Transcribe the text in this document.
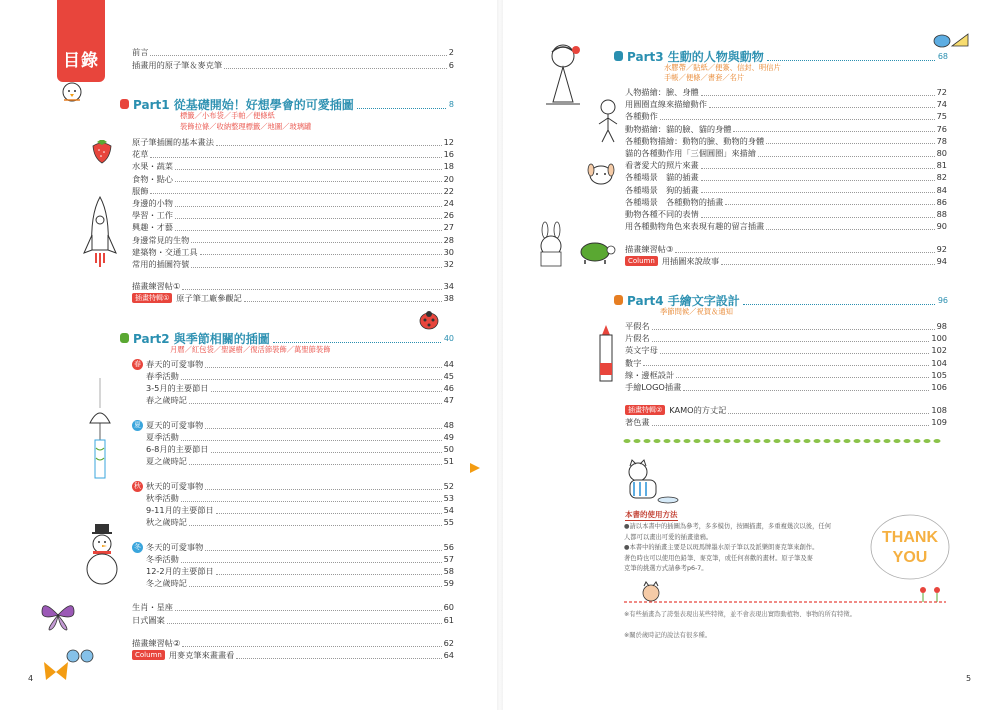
目錄	前言	2
插畫用的原子筆＆麥克筆	6
Part1 從基礎開始！好想學會的可愛插圖	8
標籤／小布袋／手帕／便條紙
裝飾拉條／收納整理標籤／地圖／玻璃罐
原子筆插圖的基本畫法	12
花草	16
水果・蔬菜	18
食物・點心	20
服飾	22
身邊的小物	24
學習・工作	26
興趣・才藝	27
身邊常見的生物	28
建築物・交通工具	30
常用的插圖符號	32
描畫練習帖①	34
插畫特輯① 原子筆工廠參觀記	38
Part2 與季節相關的插圖	40
月曆／紅包袋／聖誕樹／復活節裝飾／萬聖節裝飾
春 春天的可愛事物	44
春季活動	45
3-5月的主要節日	46
春之歲時記	47
夏 夏天的可愛事物	48
夏季活動	49
6-8月的主要節日	50
夏之歲時記	51
秋 秋天的可愛事物	52
秋季活動	53
9-11月的主要節日	54
秋之歲時記	55
冬 冬天的可愛事物	56
冬季活動	57
12-2月的主要節日	58
冬之歲時記	59
生肖・星座	60
日式圖案	61
描畫練習帖②	62
Column 用麥克筆來畫畫看	64
Part3 生動的人物與動物	68
水膠帶／貼紙／便簽、信封、明信片
手帳／便條／書套／名片
人物描繪：臉、身體	72
用圓圈直線來描繪動作	74
各種動作	75
動物描繪：貓的臉、貓的身體	76
各種動物描繪：動物的臉、動物的身體	78
貓的各種動作用「三個圓圈」來描繪	80
看著愛犬的照片來畫	81
各種場景　貓的插畫	82
各種場景　狗的插畫	84
各種場景　各種動物的插畫	86
動物各種不同的表情	88
用各種動物角色來表現有趣的留言插畫	90
描畫練習帖③	92
Column 用插圖來說故事	94
Part4 手繪文字設計	96
季節問候／祝賀＆通知
平假名	98
片假名	100
英文字母	102
數字	104
線・邊框設計	105
手繪LOGO插畫	106
插畫特輯② KAMO的方丈記	108
著色畫	109
4	5
本書的使用方法
●請以本書中的插圖為參考，多多模仿，按圖描畫，多重複幾次以後，任何
人都可以畫出可愛的插畫塗鴉。
●本書中的插畫主要是以斑馬牌墨水原子筆以及派樂朗麥克筆來創作。
著色時也可以使用色鉛筆、麥克筆，或任何喜歡的畫材。原子筆及麥
克筆的挑選方式請參考p6-7。
※有些插畫為了誇張表現出某些特徵，並不會表現出實際動植物、事物的所有特徵。
※關於歲時記的說法有很多種。
THANK
YOU
